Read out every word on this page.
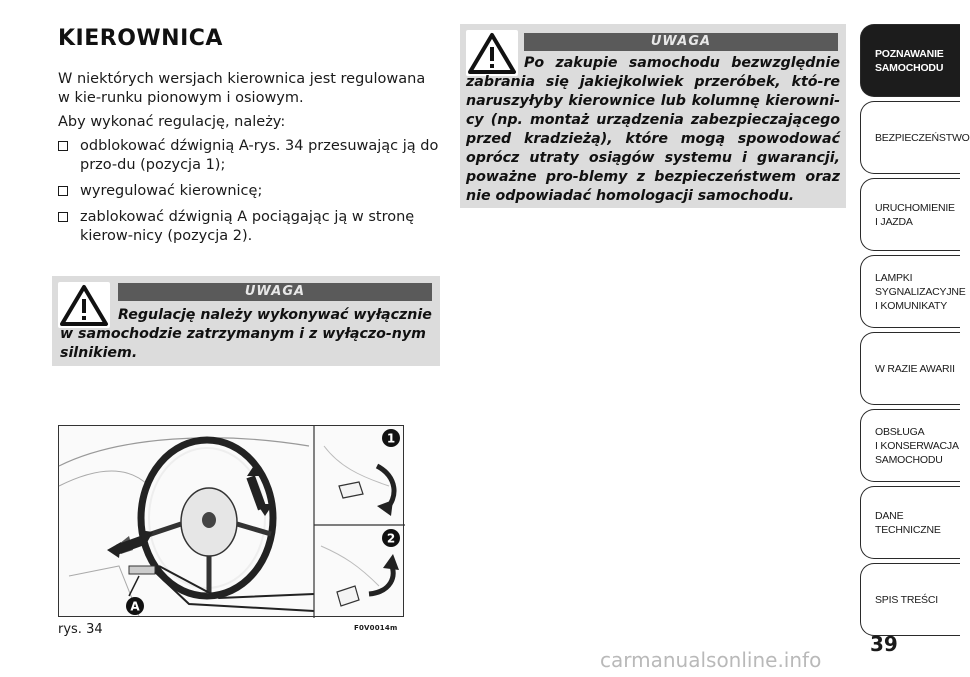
KIEROWNICA
W niektórych wersjach kierownica jest regulowana w kie-runku pionowym i osiowym.
Aby wykonać regulację, należy:
odblokować dźwignią A-rys. 34 przesuwając ją do przo-du (pozycja 1);
wyregulować kierownicę;
zablokować dźwignią A pociągając ją w stronę kierow-nicy (pozycja 2).
UWAGA
Regulację należy wykonywać wyłącznie w samochodzie zatrzymanym i z wyłączo-nym silnikiem.
UWAGA
Po zakupie samochodu bezwzględnie zabrania się jakiejkolwiek przeróbek, któ-re naruszyłyby kierownice lub kolumnę kierowni-cy (np. montaż urządzenia zabezpieczającego przed kradzieżą), które mogą spowodować oprócz utraty osiągów systemu i gwarancji, poważne pro-blemy z bezpieczeństwem oraz nie odpowiadać homologacji samochodu.
1
2
A
rys. 34	F0V0014m
POZNAWANIE
SAMOCHODU
BEZPIECZEŃSTWO
URUCHOMIENIE
I JAZDA
LAMPKI
SYGNALIZACYJNE
I KOMUNIKATY
W RAZIE AWARII
OBSŁUGA
I KONSERWACJA
SAMOCHODU
DANE
TECHNICZNE
SPIS TREŚCI
39
carmanualsonline.info
